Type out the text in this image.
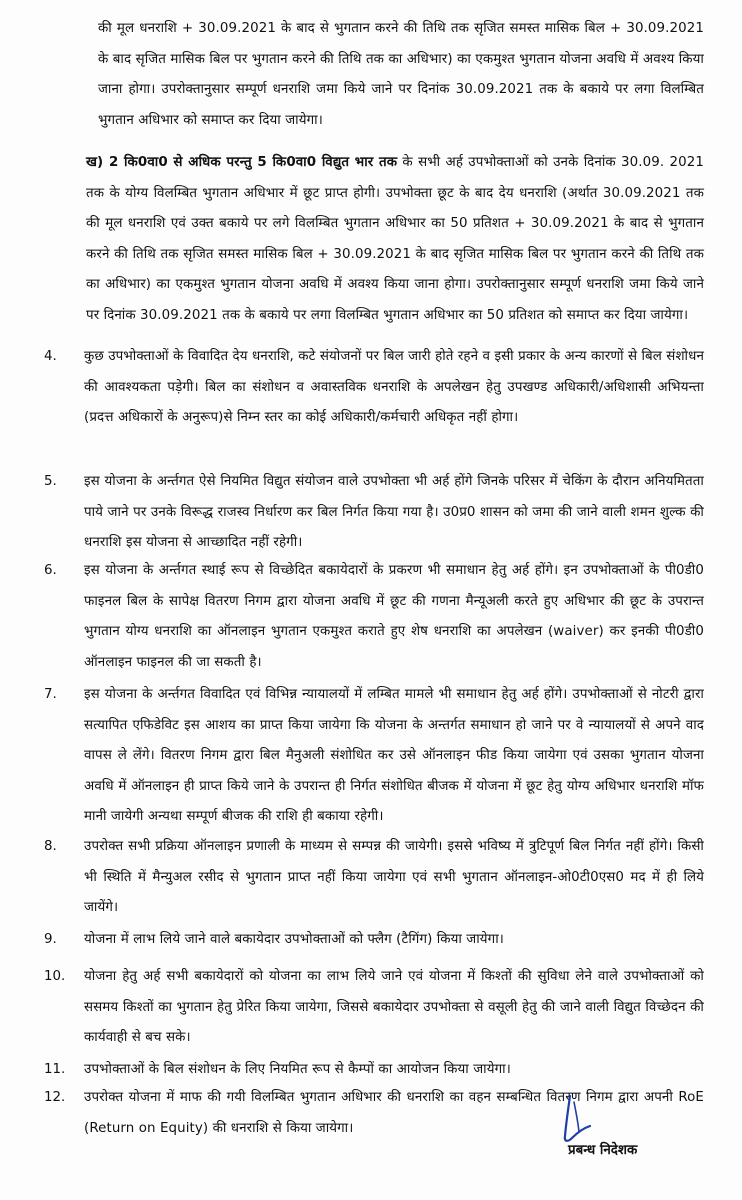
की मूल धनराशि + 30.09.2021 के बाद से भुगतान करने की तिथि तक सृजित समस्त मासिक बिल + 30.09.2021 के बाद सृजित मासिक बिल पर भुगतान करने की तिथि तक का अधिभार) का एकमुश्त भुगतान योजना अवधि में अवश्य किया जाना होगा। उपरोक्तानुसार सम्पूर्ण धनराशि जमा किये जाने पर दिनांक 30.09.2021 तक के बकाये पर लगा विलम्बित भुगतान अधिभार को समाप्त कर दिया जायेगा।
ख) 2 कि0वा0 से अधिक परन्तु 5 कि0वा0 विद्युत भार तक के सभी अर्ह उपभोक्ताओं को उनके दिनांक 30.09. 2021 तक के योग्य विलम्बित भुगतान अधिभार में छूट प्राप्त होगी। उपभोक्ता छूट के बाद देय धनराशि (अर्थात 30.09.2021 तक की मूल धनराशि एवं उक्त बकाये पर लगे विलम्बित भुगतान अधिभार का 50 प्रतिशत + 30.09.2021 के बाद से भुगतान करने की तिथि तक सृजित समस्त मासिक बिल + 30.09.2021 के बाद सृजित मासिक बिल पर भुगतान करने की तिथि तक का अधिभार) का एकमुश्त भुगतान योजना अवधि में अवश्य किया जाना होगा। उपरोक्तानुसार सम्पूर्ण धनराशि जमा किये जाने पर दिनांक 30.09.2021 तक के बकाये पर लगा विलम्बित भुगतान अधिभार का 50 प्रतिशत को समाप्त कर दिया जायेगा।
4. कुछ उपभोक्ताओं के विवादित देय धनराशि, कटे संयोजनों पर बिल जारी होते रहने व इसी प्रकार के अन्य कारणों से बिल संशोधन की आवश्यकता पड़ेगी। बिल का संशोधन व अवास्तविक धनराशि के अपलेखन हेतु उपखण्ड अधिकारी/अधिशासी अभियन्ता (प्रदत्त अधिकारों के अनुरूप)से निम्न स्तर का कोई अधिकारी/कर्मचारी अधिकृत नहीं होगा।
5. इस योजना के अर्न्तगत ऐसे नियमित विद्युत संयोजन वाले उपभोक्ता भी अर्ह होंगे जिनके परिसर में चेकिंग के दौरान अनियमितता पाये जाने पर उनके विरूद्ध राजस्व निर्धारण कर बिल निर्गत किया गया है। उ0प्र0 शासन को जमा की जाने वाली शमन शुल्क की धनराशि इस योजना से आच्छादित नहीं रहेगी।
6. इस योजना के अर्न्तगत स्थाई रूप से विच्छेदित बकायेदारों के प्रकरण भी समाधान हेतु अर्ह होंगे। इन उपभोक्ताओं के पी0डी0 फाइनल बिल के सापेक्ष वितरण निगम द्वारा योजना अवधि में छूट की गणना मैन्यूअली करते हुए अधिभार की छूट के उपरान्त भुगतान योग्य धनराशि का ऑनलाइन भुगतान एकमुश्त कराते हुए शेष धनराशि का अपलेखन (waiver) कर इनकी पी0डी0 ऑनलाइन फाइनल की जा सकती है।
7. इस योजना के अर्न्तगत विवादित एवं विभिन्न न्यायालयों में लम्बित मामले भी समाधान हेतु अर्ह होंगे। उपभोक्ताओं से नोटरी द्वारा सत्यापित एफिडेविट इस आशय का प्राप्त किया जायेगा कि योजना के अन्तर्गत समाधान हो जाने पर वे न्यायालयों से अपने वाद वापस ले लेंगे। वितरण निगम द्वारा बिल मैनुअली संशोधित कर उसे ऑनलाइन फीड किया जायेगा एवं उसका भुगतान योजना अवधि में ऑनलाइन ही प्राप्त किये जाने के उपरान्त ही निर्गत संशोधित बीजक में योजना में छूट हेतु योग्य अधिभार धनराशि मॉफ मानी जायेगी अन्यथा सम्पूर्ण बीजक की राशि ही बकाया रहेगी।
8. उपरोक्त सभी प्रक्रिया ऑनलाइन प्रणाली के माध्यम से सम्पन्न की जायेगी। इससे भविष्य में त्रुटिपूर्ण बिल निर्गत नहीं होंगे। किसी भी स्थिति में मैन्युअल रसीद से भुगतान प्राप्त नहीं किया जायेगा एवं सभी भुगतान ऑनलाइन-ओ0टी0एस0 मद में ही लिये जायेंगे।
9. योजना में लाभ लिये जाने वाले बकायेदार उपभोक्ताओं को फ्लैग (टैगिंग) किया जायेगा।
10. योजना हेतु अर्ह सभी बकायेदारों को योजना का लाभ लिये जाने एवं योजना में किश्तों की सुविधा लेने वाले उपभोक्ताओं को ससमय किश्तों का भुगतान हेतु प्रेरित किया जायेगा, जिससे बकायेदार उपभोक्ता से वसूली हेतु की जाने वाली विद्युत विच्छेदन की कार्यवाही से बच सके।
11. उपभोक्ताओं के बिल संशोधन के लिए नियमित रूप से कैम्पों का आयोजन किया जायेगा।
12. उपरोक्त योजना में माफ की गयी विलम्बित भुगतान अधिभार की धनराशि का वहन सम्बन्धित वितरण निगम द्वारा अपनी RoE (Return on Equity) की धनराशि से किया जायेगा।
प्रबन्ध निदेशक
